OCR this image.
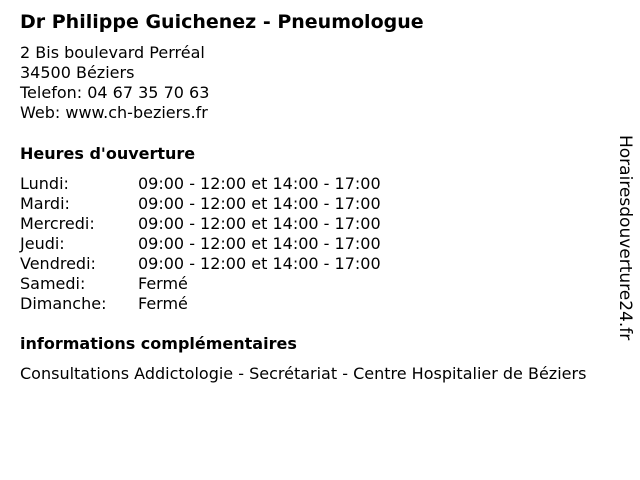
Dr Philippe Guichenez - Pneumologue
2 Bis boulevard Perréal
34500 Béziers
Telefon: 04 67 35 70 63
Web: www.ch-beziers.fr
Heures d'ouverture
Lundi:	09:00 - 12:00 et 14:00 - 17:00
Mardi:	09:00 - 12:00 et 14:00 - 17:00
Mercredi:	09:00 - 12:00 et 14:00 - 17:00
Jeudi:	09:00 - 12:00 et 14:00 - 17:00
Vendredi:	09:00 - 12:00 et 14:00 - 17:00
Samedi:	Fermé
Dimanche: Fermé
informations complémentaires
Consultations Addictologie - Secrétariat - Centre Hospitalier de Béziers
Horairesdouverture24.fr
